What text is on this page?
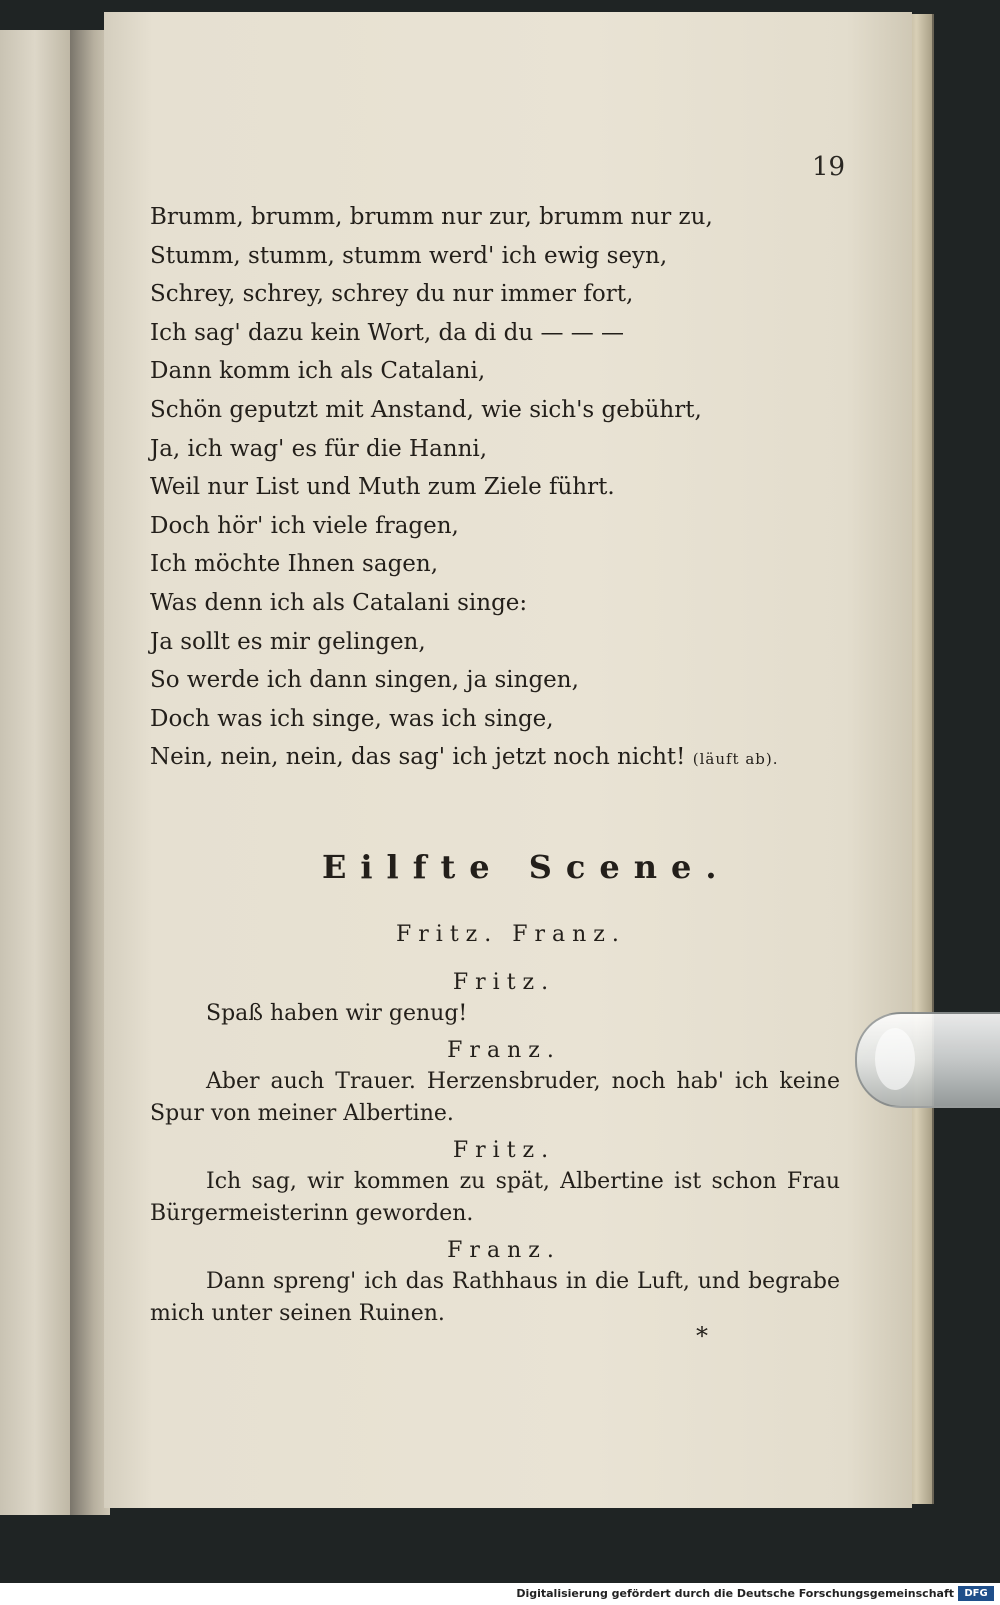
19
Brumm, brumm, brumm nur zur, brumm nur zu,
Stumm, stumm, stumm werd' ich ewig seyn,
Schrey, schrey, schrey du nur immer fort,
Ich sag' dazu kein Wort, da di du — — —
Dann komm ich als Catalani,
Schön geputzt mit Anstand, wie sich's gebührt,
Ja, ich wag' es für die Hanni,
Weil nur List und Muth zum Ziele führt.
Doch hör' ich viele fragen,
Ich möchte Ihnen sagen,
Was denn ich als Catalani singe:
Ja sollt es mir gelingen,
So werde ich dann singen, ja singen,
Doch was ich singe, was ich singe,
Nein, nein, nein, das sag' ich jetzt noch nicht! (läuft ab).
Eilfte Scene.
Fritz. Franz.
Fritz.

Spaß haben wir genug!

Franz.

Aber auch Trauer. Herzensbruder, noch hab' ich keine Spur von meiner Albertine.

Fritz.

Ich sag, wir kommen zu spät, Albertine ist schon Frau Bürgermeisterinn geworden.

Franz.

Dann spreng' ich das Rathhaus in die Luft, und begrabe mich unter seinen Ruinen.

*
Digitalisierung gefördert durch die Deutsche Forschungsgemeinschaft	DFG
